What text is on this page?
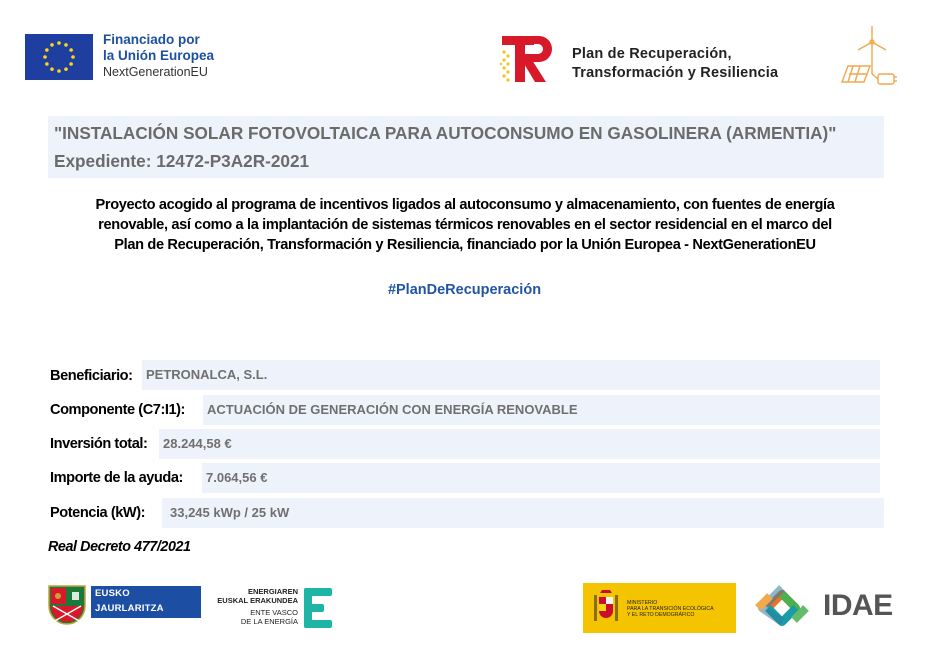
Financiado por
la Unión Europea
NextGenerationEU
Plan de Recuperación,
Transformación y Resiliencia
"INSTALACIÓN SOLAR FOTOVOLTAICA PARA AUTOCONSUMO EN GASOLINERA (ARMENTIA)" Expediente: 12472-P3A2R-2021
Proyecto acogido al programa de incentivos ligados al autoconsumo y almacenamiento, con fuentes de energía
renovable, así como a la implantación de sistemas térmicos renovables en el sector residencial en el marco del
Plan de Recuperación, Transformación y Resiliencia, financiado por la Unión Europea - NextGenerationEU
#PlanDeRecuperación
Beneficiario:	PETRONALCA, S.L.
Componente (C7:I1):	ACTUACIÓN DE GENERACIÓN CON ENERGÍA RENOVABLE
Inversión total:	28.244,58 €
Importe de la ayuda:	7.064,56 €
Potencia (kW):	33,245 kWp / 25 kW
Real Decreto 477/2021
EUSKO JAURLARITZA
GOBIERNO VASCO
ENERGIAREN
EUSKAL ERAKUNDEA
ENTE VASCO
DE LA ENERGÍA
MINISTERIO
PARA LA TRANSICIÓN ECOLÓGICA
Y EL RETO DEMOGRÁFICO	IDAE
